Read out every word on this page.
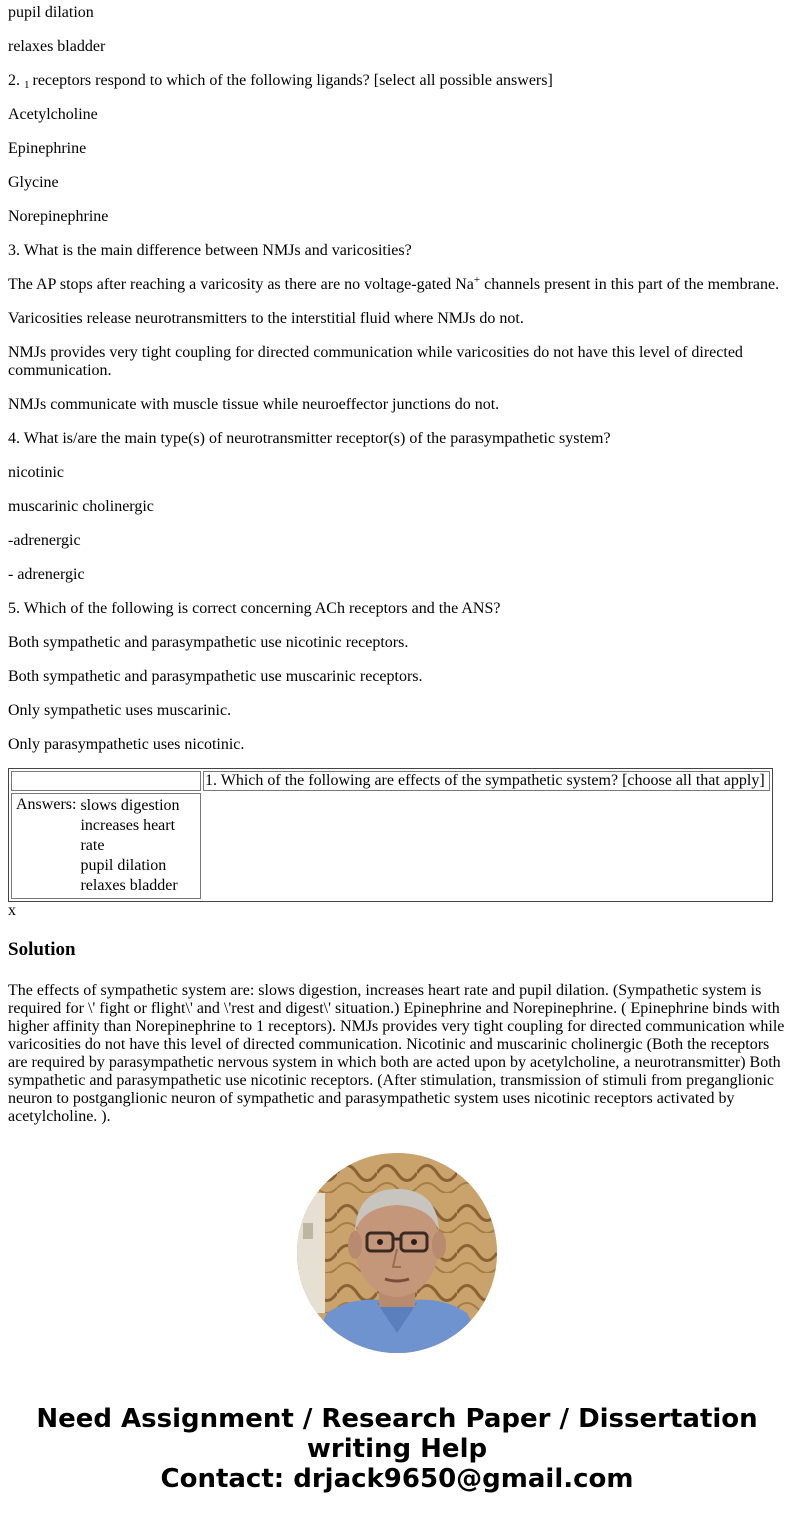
pupil dilation

relaxes bladder

2. $_1$ receptors respond to which of the following ligands? [select all possible answers]

Acetylcholine

Epinephrine

Glycine

Norepinephrine

3. What is the main difference between NMJs and varicosities?

The AP stops after reaching a varicosity as there are no voltage-gated Na+ channels present in this part of the membrane.

Varicosities release neurotransmitters to the interstitial fluid where NMJs do not.

NMJs provides very tight coupling for directed communication while varicosities do not have this level of directed communication.

NMJs communicate with muscle tissue while neuroeffector junctions do not.

4. What is/are the main type(s) of neurotransmitter receptor(s) of the parasympathetic system?

nicotinic

muscarinic cholinergic

-adrenergic

- adrenergic

5. Which of the following is correct concerning ACh receptors and the ANS?

Both sympathetic and parasympathetic use nicotinic receptors.

Both sympathetic and parasympathetic use muscarinic receptors.

Only sympathetic uses muscarinic.

Only parasympathetic uses nicotinic.

	1. Which of the following are effects of the sympathetic system? [choose all that apply]

Answers:	slows digestion
increases heart rate
pupil dilation
relaxes bladder

x
Solution

The effects of sympathetic system are: slows digestion, increases heart rate and pupil dilation. (Sympathetic system is required for \' fight or flight\' and \'rest and digest\' situation.) Epinephrine and Norepinephrine. ( Epinephrine binds with higher affinity than Norepinephrine to 1 receptors). NMJs provides very tight coupling for directed communication while varicosities do not have this level of directed communication. Nicotinic and muscarinic cholinergic (Both the receptors are required by parasympathetic nervous system in which both are acted upon by acetylcholine, a neurotransmitter) Both sympathetic and parasympathetic use nicotinic receptors. (After stimulation, transmission of stimuli from preganglionic neuron to postganglionic neuron of sympathetic and parasympathetic system uses nicotinic receptors activated by acetylcholine. ).

Need Assignment / Research Paper / Dissertation
writing Help
Contact: drjack9650@gmail.com
